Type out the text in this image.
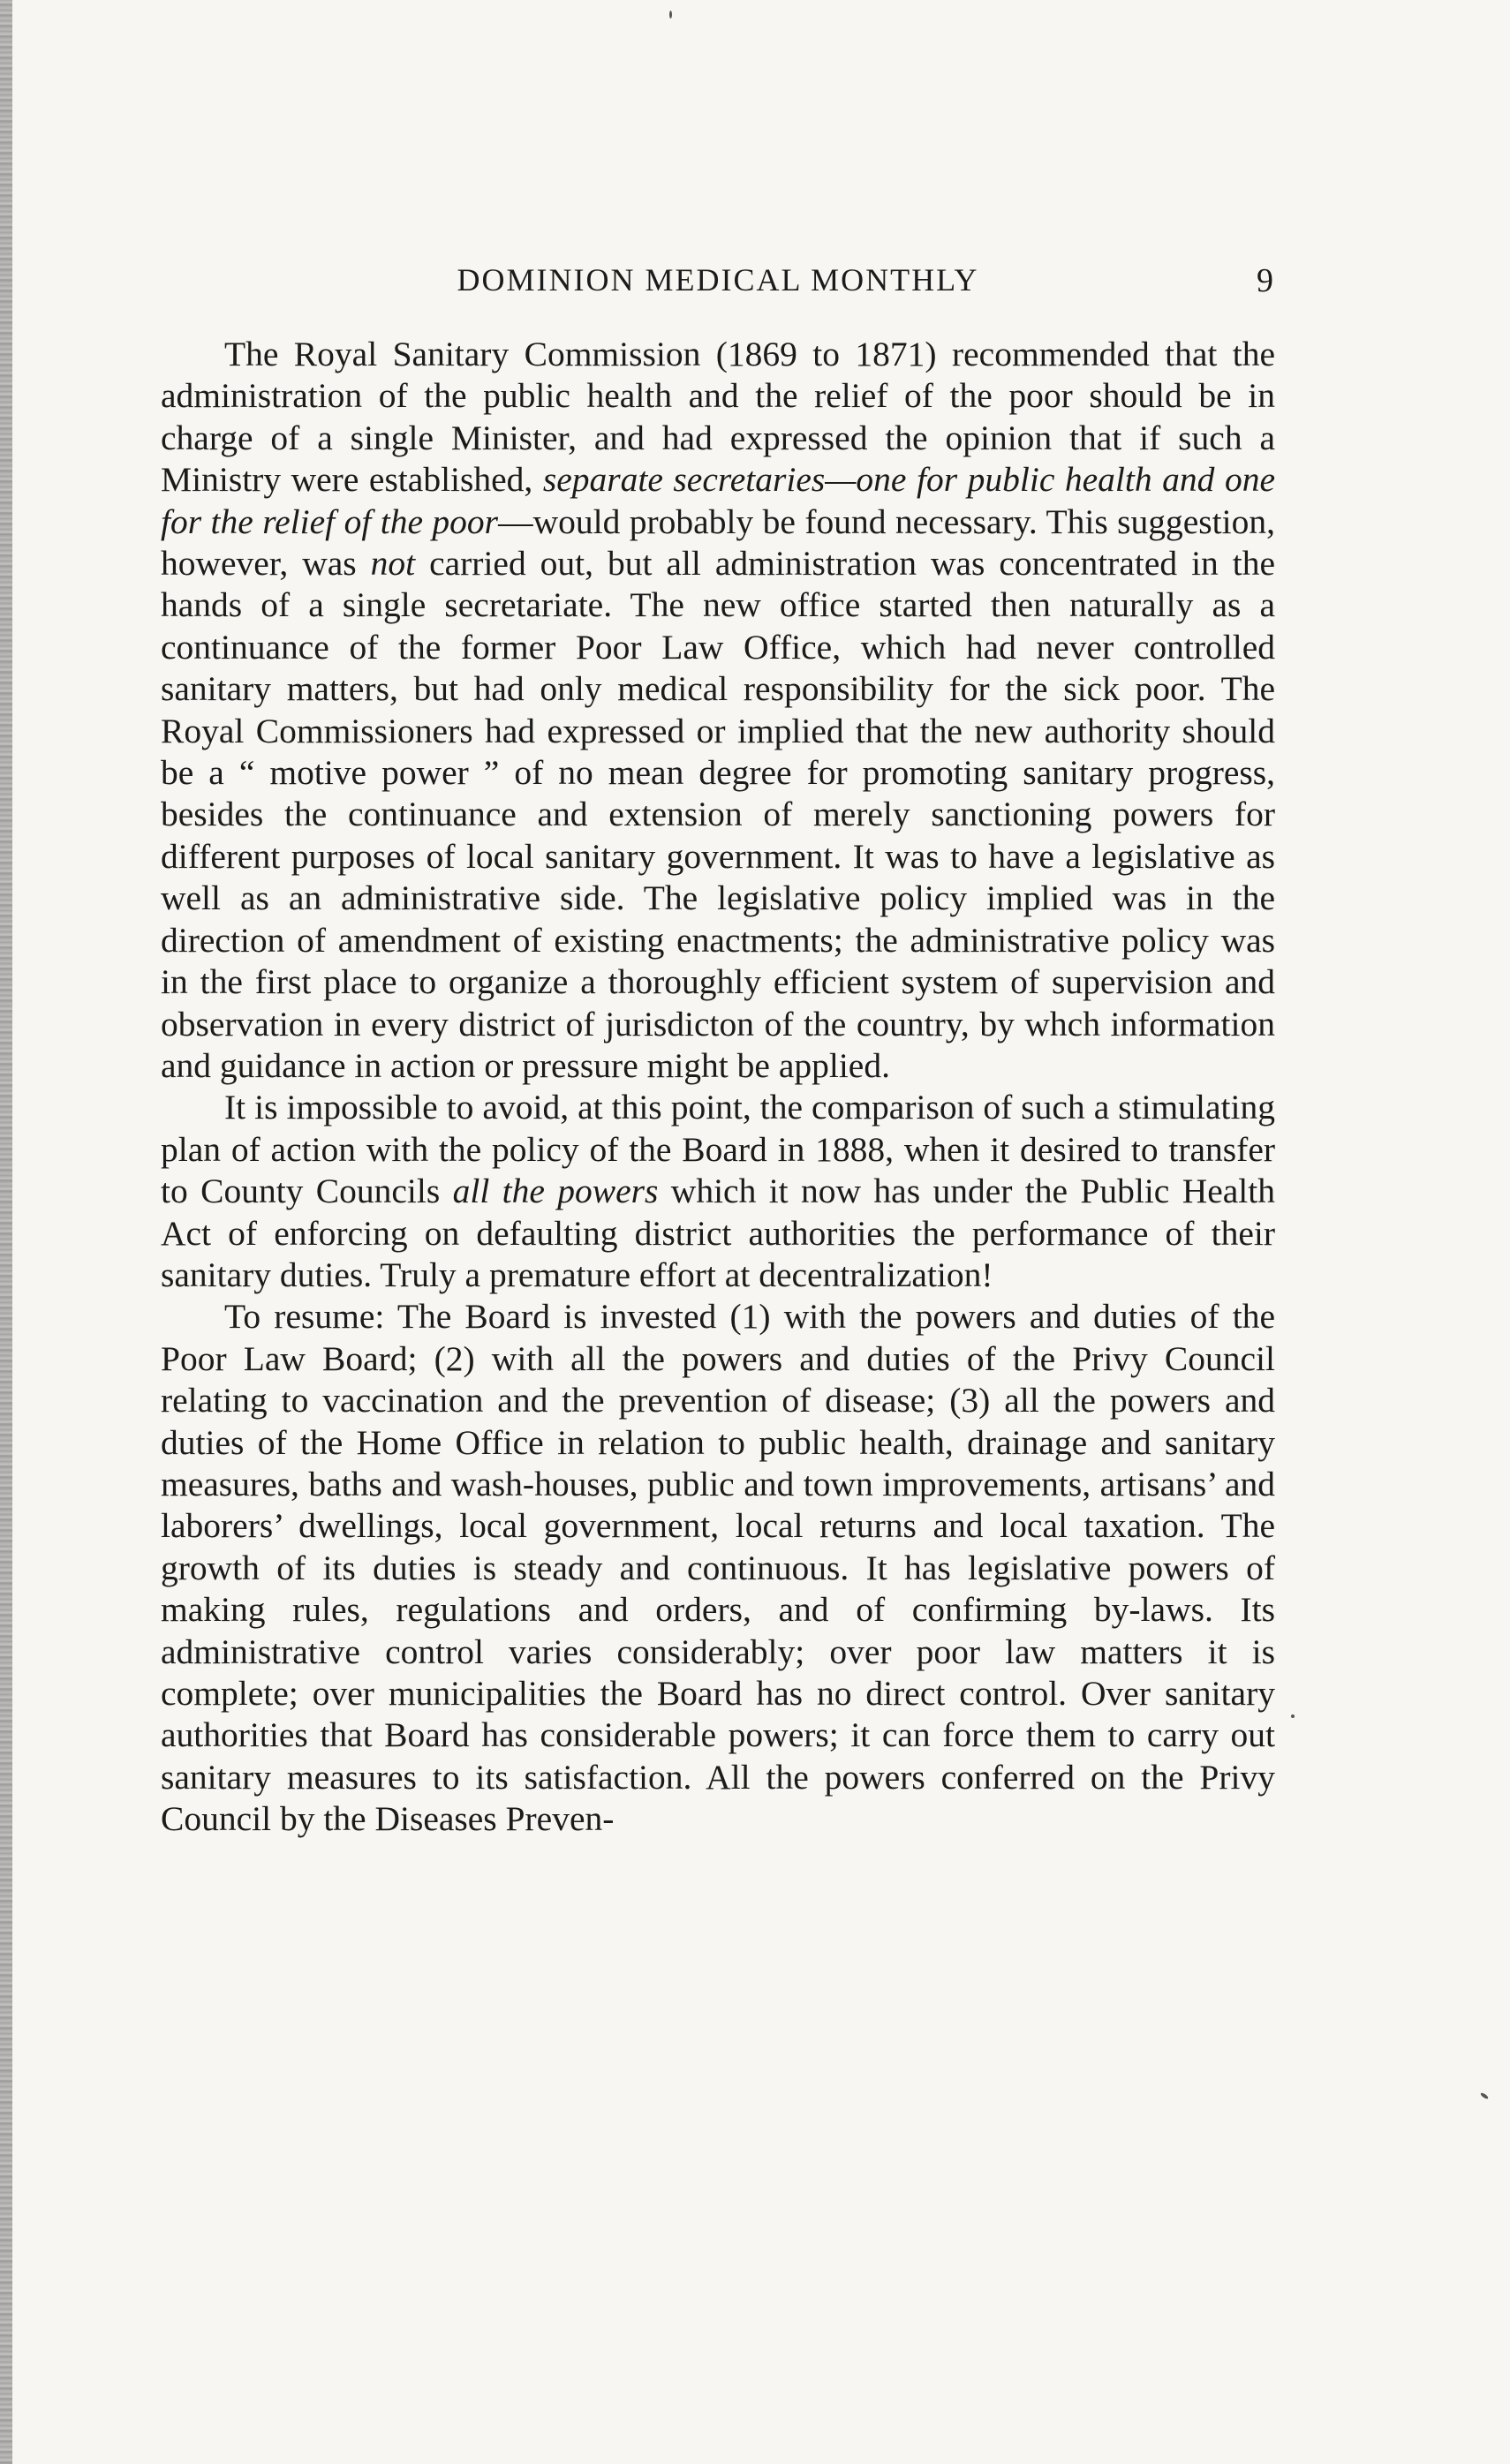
DOMINION MEDICAL MONTHLY	9

The Royal Sanitary Commission (1869 to 1871) recommended that the administration of the public health and the relief of the poor should be in charge of a single Minister, and had expressed the opinion that if such a Ministry were established, separate secretaries—one for public health and one for the relief of the poor—would probably be found necessary. This suggestion, however, was not carried out, but all administration was concentrated in the hands of a single secretariate. The new office started then naturally as a continuance of the former Poor Law Office, which had never controlled sanitary matters, but had only medical responsibility for the sick poor. The Royal Commissioners had expressed or implied that the new authority should be a “ motive power ” of no mean degree for promoting sanitary progress, besides the continuance and extension of merely sanctioning powers for different purposes of local sanitary government. It was to have a legislative as well as an administrative side. The legislative policy implied was in the direction of amendment of existing enactments; the administrative policy was in the first place to organize a thoroughly efficient system of supervision and observation in every district of jurisdicton of the country, by whch information and guidance in action or pressure might be applied.

It is impossible to avoid, at this point, the comparison of such a stimulating plan of action with the policy of the Board in 1888, when it desired to transfer to County Councils all the powers which it now has under the Public Health Act of enforcing on defaulting district authorities the performance of their sanitary duties. Truly a premature effort at decentralization!

To resume: The Board is invested (1) with the powers and duties of the Poor Law Board; (2) with all the powers and duties of the Privy Council relating to vaccination and the prevention of disease; (3) all the powers and duties of the Home Office in relation to public health, drainage and sanitary measures, baths and wash-houses, public and town improvements, artisans’ and laborers’ dwellings, local government, local returns and local taxation. The growth of its duties is steady and continuous. It has legislative powers of making rules, regulations and orders, and of confirming by-laws. Its administrative control varies considerably; over poor law matters it is complete; over municipalities the Board has no direct control. Over sanitary authorities that Board has considerable powers; it can force them to carry out sanitary measures to its satisfaction. All the powers conferred on the Privy Council by the Diseases Preven-
